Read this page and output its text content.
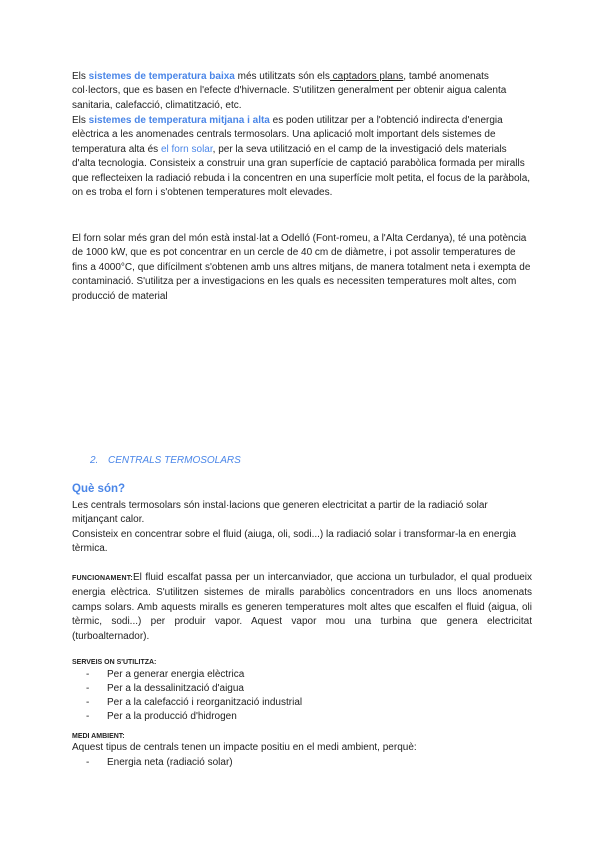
Els sistemes de temperatura baixa més utilitzats són els captadors plans, també anomenats col·lectors, que es basen en l'efecte d'hivernacle. S'utilitzen generalment per obtenir aigua calenta sanitaria, calefacció, climatització, etc.

Els sistemes de temperatura mitjana i alta es poden utilitzar per a l'obtenció indirecta d'energia elèctrica a les anomenades centrals termosolars. Una aplicació molt important dels sistemes de temperatura alta és el forn solar, per la seva utilització en el camp de la investigació dels materials d'alta tecnologia. Consisteix a construir una gran superfície de captació parabòlica formada per miralls que reflecteixen la radiació rebuda i la concentren en una superfície molt petita, el focus de la paràbola, on es troba el forn i s'obtenen temperatures molt elevades.

El forn solar més gran del món està instal·lat a Odelló (Font-romeu, a l'Alta Cerdanya), té una potència de 1000 kW, que es pot concentrar en un cercle de 40 cm de diàmetre, i pot assolir temperatures de fins a 4000°C, que difícilment s'obtenen amb uns altres mitjans, de manera totalment neta i exempta de contaminació. S'utilitza per a investigacions en les quals es necessiten temperatures molt altes, com producció de material

2. CENTRALS TERMOSOLARS
Què són?

Les centrals termosolars són instal·lacions que generen electricitat a partir de la radiació solar mitjançant calor.

Consisteix en concentrar sobre el fluid (aiuga, oli, sodi...) la radiació solar i transformar-la en energia tèrmica.

FUNCIONAMENT:El fluid escalfat passa per un intercanviador, que acciona un turbulador, el qual produeix energia elèctrica. S'utilitzen sistemes de miralls parabòlics concentradors en uns llocs anomenats camps solars. Amb aquests miralls es generen temperatures molt altes que escalfen el fluid (aigua, oli tèrmic, sodi...) per produir vapor. Aquest vapor mou una turbina que genera electricitat (turboalternador).

SERVEIS ON S'UTILITZA:
- Per a generar energia elèctrica
- Per a la dessalinització d'aigua
- Per a la calefacció i reorganització industrial
- Per a la producció d'hidrogen
MEDI AMBIENT:

Aquest tipus de centrals tenen un impacte positiu en el medi ambient, perquè:

- Energia neta (radiació solar)
